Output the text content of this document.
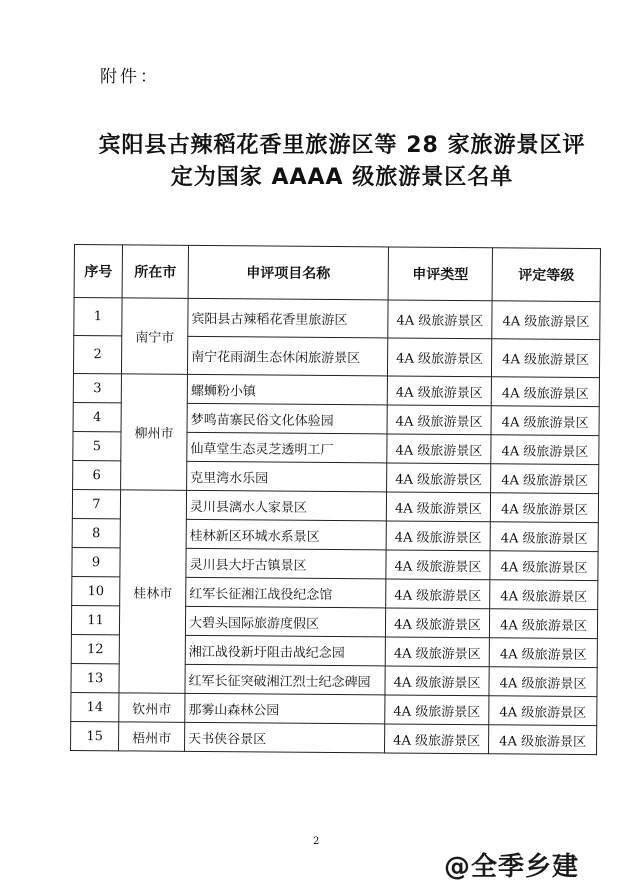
附件：
宾阳县古辣稻花香里旅游区等 28 家旅游景区评
定为国家 AAAA 级旅游景区名单
序号	所在市	申评项目名称	申评类型	评定等级
1	南宁市	宾阳县古辣稻花香里旅游区	4A 级旅游景区	4A 级旅游景区
2		南宁花雨湖生态休闲旅游景区	4A 级旅游景区	4A 级旅游景区
3	柳州市	螺蛳粉小镇	4A 级旅游景区	4A 级旅游景区
4		梦鸣苗寨民俗文化体验园	4A 级旅游景区	4A 级旅游景区
5		仙草堂生态灵芝透明工厂	4A 级旅游景区	4A 级旅游景区
6		克里湾水乐园	4A 级旅游景区	4A 级旅游景区
7	桂林市	灵川县漓水人家景区	4A 级旅游景区	4A 级旅游景区
8		桂林新区环城水系景区	4A 级旅游景区	4A 级旅游景区
9		灵川县大圩古镇景区	4A 级旅游景区	4A 级旅游景区
10		红军长征湘江战役纪念馆	4A 级旅游景区	4A 级旅游景区
11		大碧头国际旅游度假区	4A 级旅游景区	4A 级旅游景区
12		湘江战役新圩阻击战纪念园	4A 级旅游景区	4A 级旅游景区
13		红军长征突破湘江烈士纪念碑园	4A 级旅游景区	4A 级旅游景区
14	钦州市	那雾山森林公园	4A 级旅游景区	4A 级旅游景区
15	梧州市	天书侠谷景区	4A 级旅游景区	4A 级旅游景区
2
@全季乡建
